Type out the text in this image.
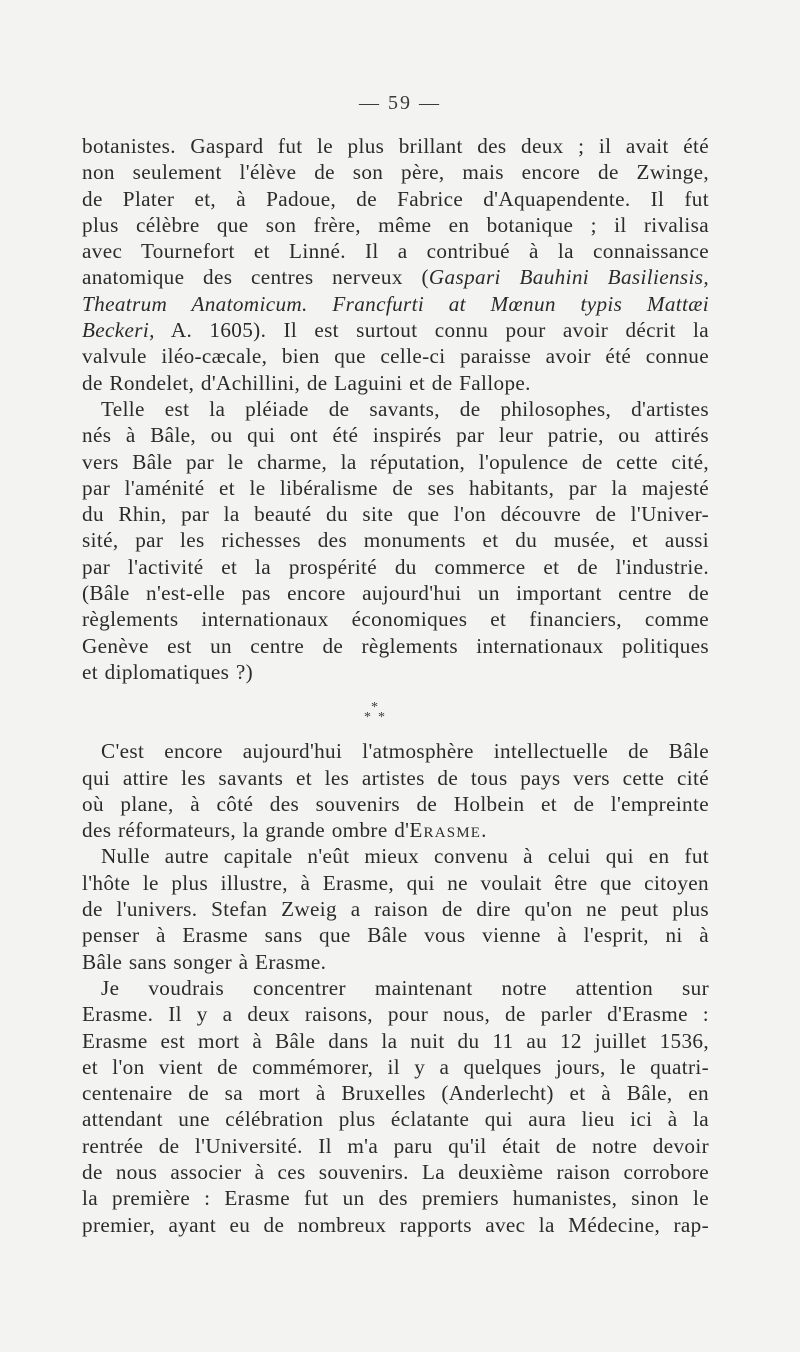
— 59 —

botanistes. Gaspard fut le plus brillant des deux ; il avait été
non seulement l'élève de son père, mais encore de Zwinge,
de Plater et, à Padoue, de Fabrice d'Aquapendente. Il fut
plus célèbre que son frère, même en botanique ; il rivalisa
avec Tournefort et Linné. Il a contribué à la connaissance
anatomique des centres nerveux (Gaspari Bauhini Basiliensis,
Theatrum Anatomicum. Francfurti at Mœnun typis Mattæi
Beckeri, A. 1605). Il est surtout connu pour avoir décrit la
valvule iléo-cæcale, bien que celle-ci paraisse avoir été connue
de Rondelet, d'Achillini, de Laguini et de Fallope.

Telle est la pléiade de savants, de philosophes, d'artistes
nés à Bâle, ou qui ont été inspirés par leur patrie, ou attirés
vers Bâle par le charme, la réputation, l'opulence de cette cité,
par l'aménité et le libéralisme de ses habitants, par la majesté
du Rhin, par la beauté du site que l'on découvre de l'Univer-
sité, par les richesses des monuments et du musée, et aussi
par l'activité et la prospérité du commerce et de l'industrie.
(Bâle n'est-elle pas encore aujourd'hui un important centre de
règlements internationaux économiques et financiers, comme
Genève est un centre de règlements internationaux politiques
et diplomatiques ?)

*
* *

C'est encore aujourd'hui l'atmosphère intellectuelle de Bâle
qui attire les savants et les artistes de tous pays vers cette cité
où plane, à côté des souvenirs de Holbein et de l'empreinte
des réformateurs, la grande ombre d'Erasme.

Nulle autre capitale n'eût mieux convenu à celui qui en fut
l'hôte le plus illustre, à Erasme, qui ne voulait être que citoyen
de l'univers. Stefan Zweig a raison de dire qu'on ne peut plus
penser à Erasme sans que Bâle vous vienne à l'esprit, ni à
Bâle sans songer à Erasme.

Je voudrais concentrer maintenant notre attention sur
Erasme. Il y a deux raisons, pour nous, de parler d'Erasme :
Erasme est mort à Bâle dans la nuit du 11 au 12 juillet 1536,
et l'on vient de commémorer, il y a quelques jours, le quatri-
centenaire de sa mort à Bruxelles (Anderlecht) et à Bâle, en
attendant une célébration plus éclatante qui aura lieu ici à la
rentrée de l'Université. Il m'a paru qu'il était de notre devoir
de nous associer à ces souvenirs. La deuxième raison corrobore
la première : Erasme fut un des premiers humanistes, sinon le
premier, ayant eu de nombreux rapports avec la Médecine, rap-
